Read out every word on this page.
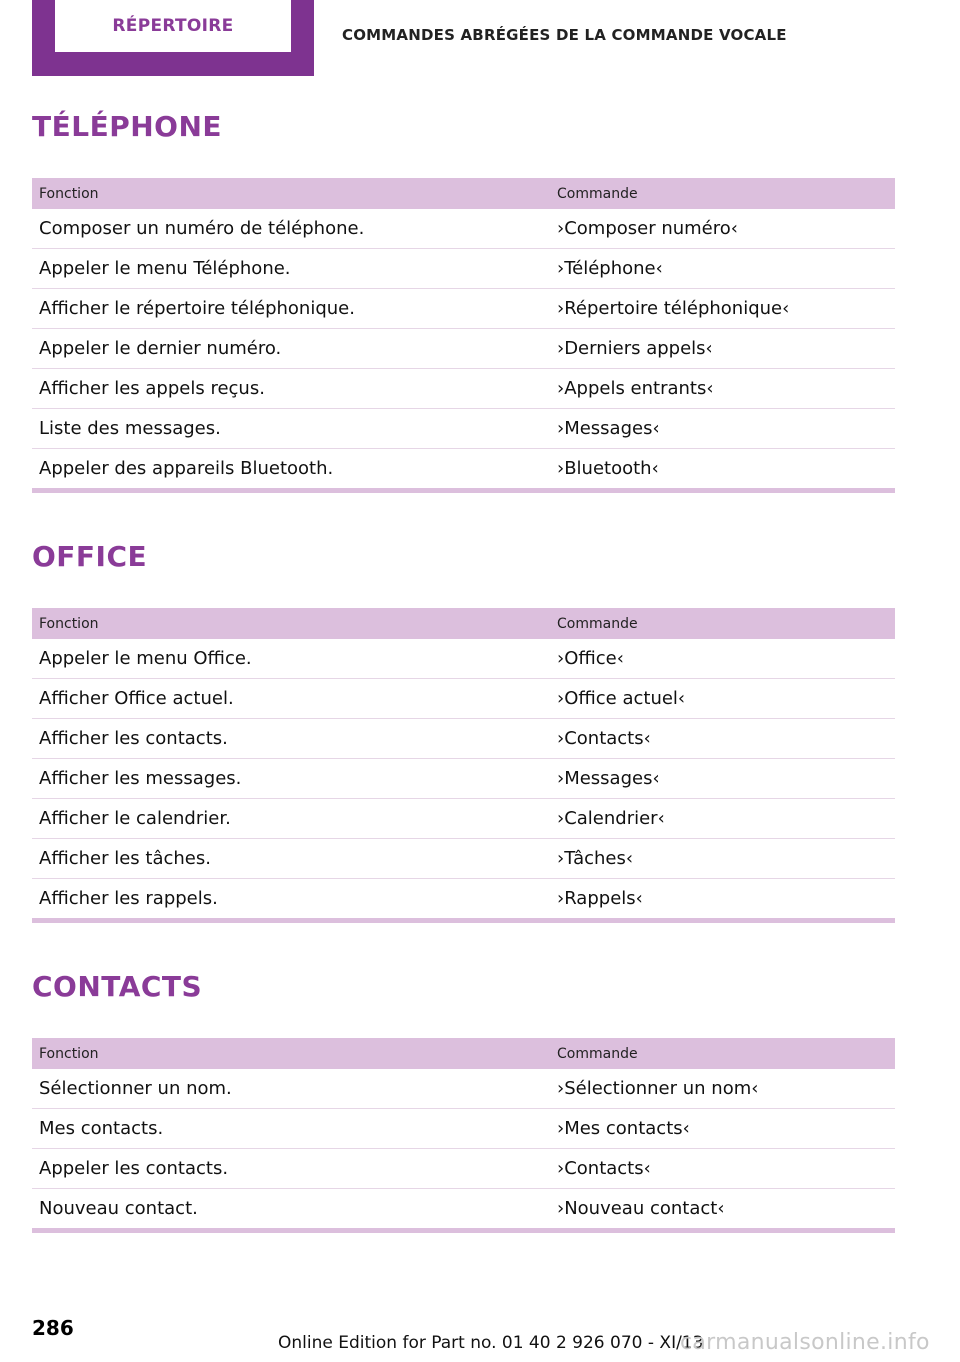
RÉPERTOIRE	COMMANDES ABRÉGÉES DE LA COMMANDE VOCALE
TÉLÉPHONE
Fonction	Commande
Composer un numéro de téléphone.	›Composer numéro‹
Appeler le menu Téléphone.	›Téléphone‹
Afficher le répertoire téléphonique.	›Répertoire téléphonique‹
Appeler le dernier numéro.	›Derniers appels‹
Afficher les appels reçus.	›Appels entrants‹
Liste des messages.	›Messages‹
Appeler des appareils Bluetooth.	›Bluetooth‹
OFFICE
Fonction	Commande
Appeler le menu Office.	›Office‹
Afficher Office actuel.	›Office actuel‹
Afficher les contacts.	›Contacts‹
Afficher les messages.	›Messages‹
Afficher le calendrier.	›Calendrier‹
Afficher les tâches.	›Tâches‹
Afficher les rappels.	›Rappels‹
CONTACTS
Fonction	Commande
Sélectionner un nom.	›Sélectionner un nom‹
Mes contacts.	›Mes contacts‹
Appeler les contacts.	›Contacts‹
Nouveau contact.	›Nouveau contact‹
286
Online Edition for Part no. 01 40 2 926 070 - XI/13
carmanualsonline.info
